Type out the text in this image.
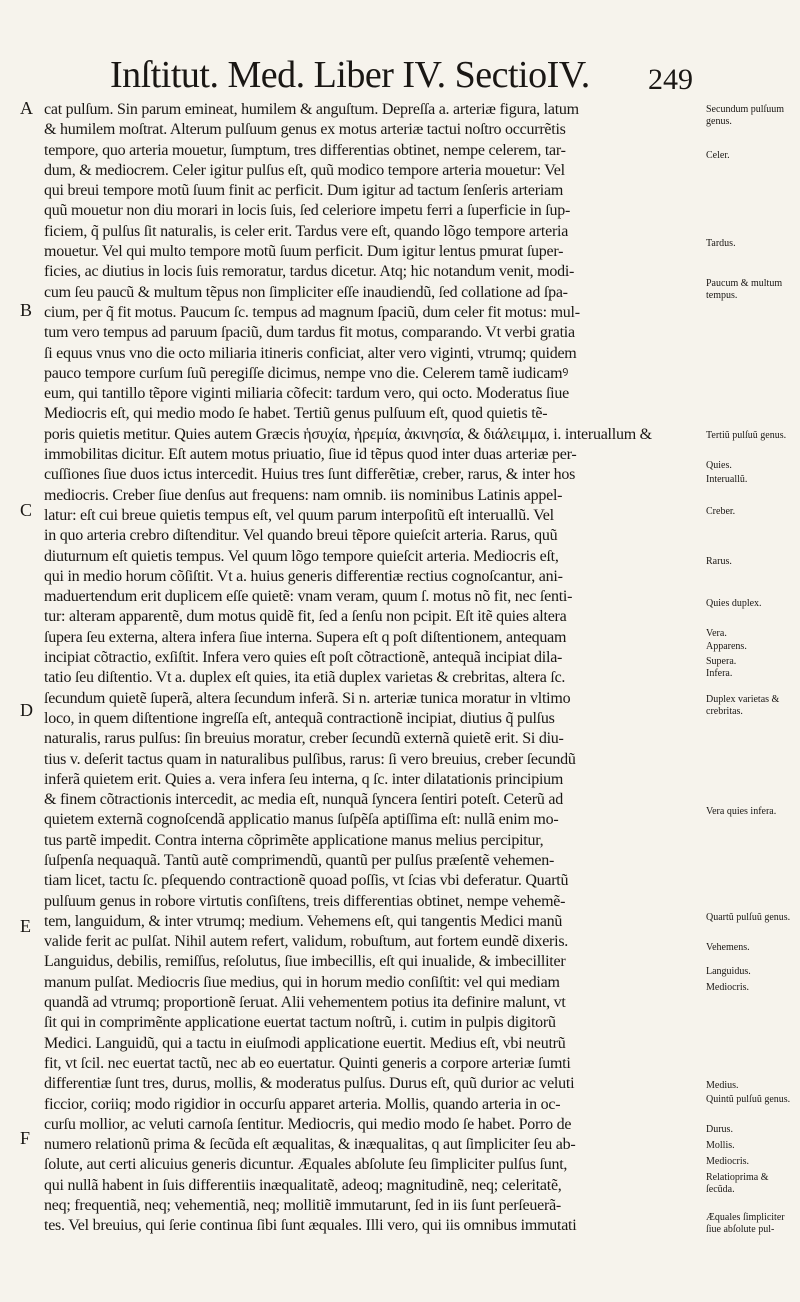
Inſtitut. Med. Liber IV. SectioIV.	249
A
B
C
D
E
F
cat pulſum. Sin parum emineat, humilem & anguſtum. Depreſſa a. arteriæ figura, latum
& humilem moſtrat. Alterum pulſuum genus ex motus arteriæ tactui noſtro occurrẽtis
tempore, quo arteria mouetur, ſumptum, tres differentias obtinet, nempe celerem, tar-
dum, & mediocrem. Celer igitur pulſus eſt, quũ modico tempore arteria mouetur: Vel
qui breui tempore motũ ſuum finit ac perficit. Dum igitur ad tactum ſenſeris arteriam
quũ mouetur non diu morari in locis ſuis, ſed celeriore impetu ferri a ſuperficie in ſup-
ficiem, q̃ pulſus ſit naturalis, is celer erit. Tardus vere eſt, quando lõgo tempore arteria
mouetur. Vel qui multo tempore motũ ſuum perficit. Dum igitur lentus pmurat ſuper-
ficies, ac diutius in locis ſuis remoratur, tardus dicetur. Atq; hic notandum venit, modi-
cum ſeu paucũ & multum tẽpus non ſimpliciter eſſe inaudiendũ, ſed collatione ad ſpa-
cium, per q̃ fit motus. Paucum ſc. tempus ad magnum ſpaciũ, dum celer fit motus: mul-
tum vero tempus ad paruum ſpaciũ, dum tardus fit motus, comparando. Vt verbi gratia
ſi equus vnus vno die octo miliaria itineris conficiat, alter vero viginti, vtrumq; quidem
pauco tempore curſum ſuũ peregiſſe dicimus, nempe vno die. Celerem tamẽ iudicamꝰ
eum, qui tantillo tẽpore viginti miliaria cõfecit: tardum vero, qui octo. Moderatus ſiue
Mediocris eſt, qui medio modo ſe habet. Tertiũ genus pulſuum eſt, quod quietis tẽ-
poris quietis metitur. Quies autem Græcis ἡσυχία, ἠρεμία, ἀκινησία, & διάλειμμα, i. interuallum &
immobilitas dicitur. Eſt autem motus priuatio, ſiue id tẽpus quod inter duas arteriæ per-
cuſſiones ſiue duos ictus intercedit. Huius tres ſunt differẽtiæ, creber, rarus, & inter hos
mediocris. Creber ſiue denſus aut frequens: nam omnib. iis nominibus Latinis appel-
latur: eſt cui breue quietis tempus eſt, vel quum parum interpoſitũ eſt interuallũ. Vel
in quo arteria crebro diſtenditur. Vel quando breui tẽpore quieſcit arteria. Rarus, quũ
diuturnum eſt quietis tempus. Vel quum lõgo tempore quieſcit arteria. Mediocris eſt,
qui in medio horum cõſiſtit. Vt a. huius generis differentiæ rectius cognoſcantur, ani-
maduertendum erit duplicem eſſe quietẽ: vnam veram, quum ſ. motus nõ fit, nec ſenti-
tur: alteram apparentẽ, dum motus quidẽ fit, ſed a ſenſu non pcipit. Eſt itẽ quies altera
ſupera ſeu externa, altera infera ſiue interna. Supera eſt q poſt diſtentionem, antequam
incipiat cõtractio, exſiſtit. Infera vero quies eſt poſt cõtractionẽ, antequã incipiat dila-
tatio ſeu diſtentio. Vt a. duplex eſt quies, ita etiã duplex varietas & crebritas, altera ſc.
ſecundum quietẽ ſuperã, altera ſecundum inferã. Si n. arteriæ tunica moratur in vltimo
loco, in quem diſtentione ingreſſa eſt, antequã contractionẽ incipiat, diutius q̃ pulſus
naturalis, rarus pulſus: ſin breuius moratur, creber ſecundũ externã quietẽ erit. Si diu-
tius v. deſerit tactus quam in naturalibus pulſibus, rarus: ſi vero breuius, creber ſecundũ
inferã quietem erit. Quies a. vera infera ſeu interna, q ſc. inter dilatationis principium
& finem cõtractionis intercedit, ac media eſt, nunquã ſyncera ſentiri poteſt. Ceterũ ad
quietem externã cognoſcendã applicatio manus ſuſpẽſa aptiſſima eſt: nullã enim mo-
tus partẽ impedit. Contra interna cõprimẽte applicatione manus melius percipitur,
ſuſpenſa nequaquã. Tantũ autẽ comprimendũ, quantũ per pulſus præſentẽ vehemen-
tiam licet, tactu ſc. pſequendo contractionẽ quoad poſſis, vt ſcias vbi deferatur. Quartũ
pulſuum genus in robore virtutis conſiſtens, treis differentias obtinet, nempe vehemẽ-
tem, languidum, & inter vtrumq; medium. Vehemens eſt, qui tangentis Medici manũ
valide ferit ac pulſat. Nihil autem refert, validum, robuſtum, aut fortem eundẽ dixeris.
Languidus, debilis, remiſſus, reſolutus, ſiue imbecillis, eſt qui inualide, & imbecilliter
manum pulſat. Mediocris ſiue medius, qui in horum medio conſiſtit: vel qui mediam
quandã ad vtrumq; proportionẽ ſeruat. Alii vehementem potius ita definire malunt, vt
ſit qui in comprimẽnte applicatione euertat tactum noſtrũ, i. cutim in pulpis digitorũ
Medici. Languidũ, qui a tactu in eiuſmodi applicatione euertit. Medius eſt, vbi neutrũ
fit, vt ſcil. nec euertat tactũ, nec ab eo euertatur. Quinti generis a corpore arteriæ ſumti
differentiæ ſunt tres, durus, mollis, & moderatus pulſus. Durus eſt, quũ durior ac veluti
ficcior, coriiq; modo rigidior in occurſu apparet arteria. Mollis, quando arteria in oc-
curſu mollior, ac veluti carnoſa ſentitur. Mediocris, qui medio modo ſe habet. Porro de
numero relationũ prima & ſecũda eſt æqualitas, & inæqualitas, q aut ſimpliciter ſeu ab-
ſolute, aut certi alicuius generis dicuntur. Æquales abſolute ſeu ſimpliciter pulſus ſunt,
qui nullã habent in ſuis differentiis inæqualitatẽ, adeoq; magnitudinẽ, neq; celeritatẽ,
neq; frequentiã, neq; vehementiã, neq; mollitiẽ immutarunt, ſed in iis ſunt perſeuerã-
tes. Vel breuius, qui ſerie continua ſibi ſunt æquales. Illi vero, qui iis omnibus immutati
Secundum pulſuum genus.
Celer.
Tardus.
Paucum & multum tempus.
Tertiũ pulſuũ genus.
Quies.
Interuallũ.
Creber.
Rarus.
Quies duplex.
Vera.
Apparens.
Supera.
Infera.
Duplex varietas & crebritas.
Vera quies infera.
Quartũ pulſuũ genus.
Vehemens.
Languidus.
Mediocris.
Medius.
Quintũ pulſuũ genus.
Durus.
Mollis.
Mediocris.
Relatioprima & ſecũda.
Æquales ſimpliciter ſiue abſolute pul-
